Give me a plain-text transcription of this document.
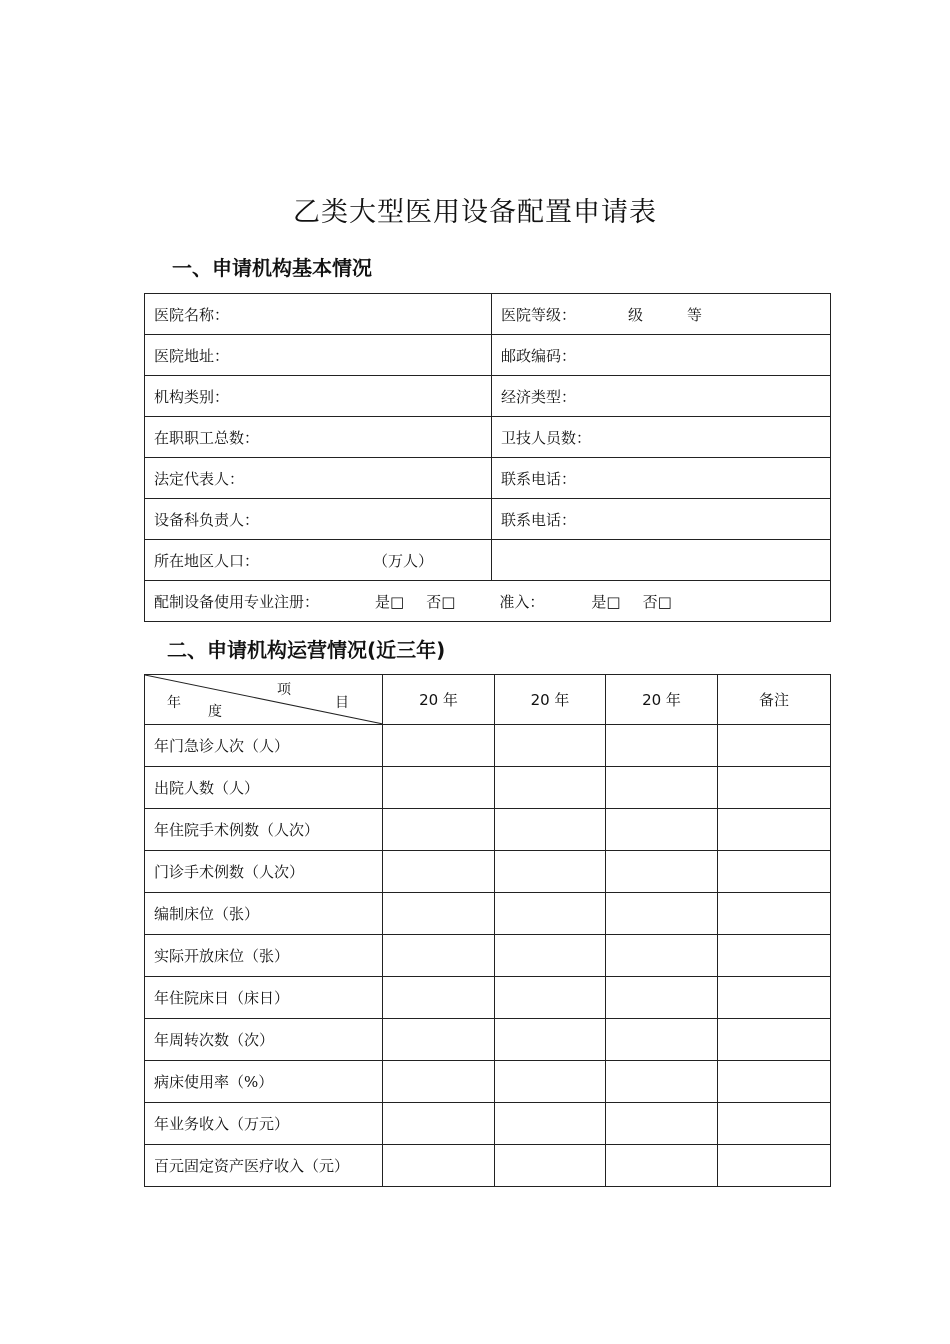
乙类大型医用设备配置申请表
一、申请机构基本情况
医院名称：	医院等级： 级 等
医院地址：	邮政编码：
机构类别：	经济类型：
在职职工总数：	卫技人员数：
法定代表人：	联系电话：
设备科负责人：	联系电话：
所在地区人口： （万人）	
配制设备使用专业注册： 是□ 否□ 准入： 是□ 否□	
二、申请机构运营情况(近三年)
项
目
年
度	20 年	20 年	20 年	备注
年门急诊人次（人）				
出院人数（人）				
年住院手术例数（人次）				
门诊手术例数（人次）				
编制床位（张）				
实际开放床位（张）				
年住院床日（床日）				
年周转次数（次）				
病床使用率（%）				
年业务收入（万元）				
百元固定资产医疗收入（元）				
